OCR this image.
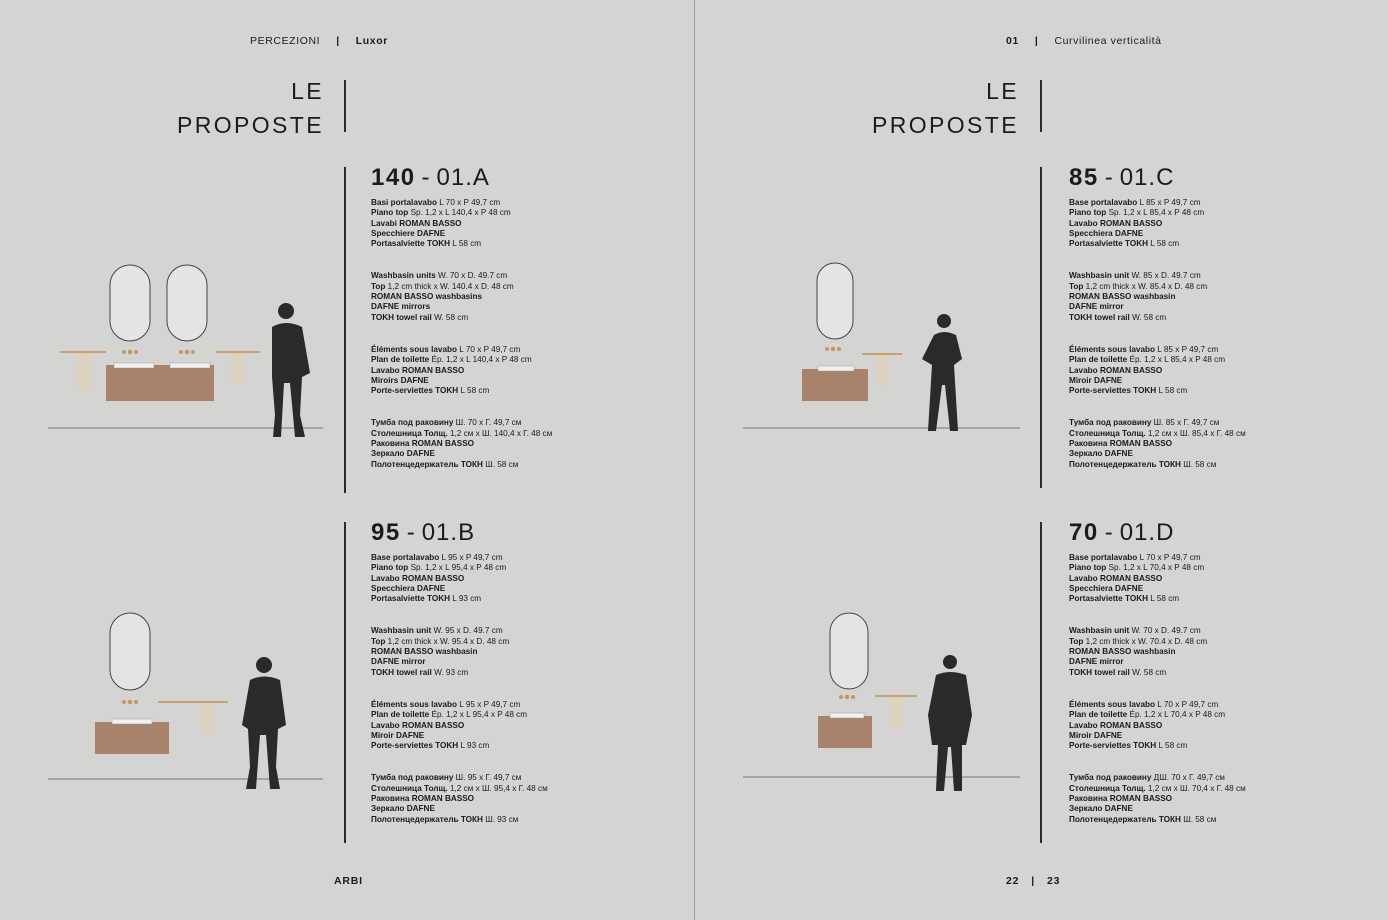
PERCEZIONI | Luxor
LE
PROPOSTE
140 - 01.A
Basi portalavabo L 70 x P 49,7 cm
Piano top Sp. 1,2 x L 140,4 x P 48 cm
Lavabi ROMAN BASSO
Specchiere DAFNE
Portasalviette TOKH L 58 cm
Washbasin units W. 70 x D. 49.7 cm
Top 1,2 cm thick x W. 140.4 x D. 48 cm
ROMAN BASSO washbasins
DAFNE mirrors
TOKH towel rail W. 58 cm
Éléments sous lavabo L 70 x P 49,7 cm
Plan de toilette Ép. 1,2 x L 140,4 x P 48 cm
Lavabo ROMAN BASSO
Miroirs DAFNE
Porte-serviettes TOKH L 58 cm
Тумба под раковину Ш. 70 х Г. 49,7 см
Столешница Толщ. 1,2 см х Ш. 140,4 х Г. 48 см
Раковина ROMAN BASSO
Зеркало DAFNE
Полотенцедержатель ТОКН Ш. 58 см
95 - 01.B
Base portalavabo L 95 x P 49,7 cm
Piano top Sp. 1,2 x L 95,4 x P 48 cm
Lavabo ROMAN BASSO
Specchiera DAFNE
Portasalviette TOKH L 93 cm
Washbasin unit W. 95 x D. 49.7 cm
Top 1,2 cm thick x W. 95.4 x D. 48 cm
ROMAN BASSO washbasin
DAFNE mirror
TOKH towel rail W. 93 cm
Éléments sous lavabo L 95 x P 49,7 cm
Plan de toilette Ép. 1,2 x L 95,4 x P 48 cm
Lavabo ROMAN BASSO
Miroir DAFNE
Porte-serviettes TOKH L 93 cm
Тумба под раковину Ш. 95 х Г. 49,7 см
Столешница Толщ. 1,2 см х Ш. 95,4 х Г. 48 см
Раковина ROMAN BASSO
Зеркало DAFNE
Полотенцедержатель ТОКН Ш. 93 см
ARBI
01 | Curvilinea verticalità
LE
PROPOSTE
85 - 01.C
Base portalavabo L 85 x P 49,7 cm
Piano top Sp. 1,2 x L 85,4 x P 48 cm
Lavabo ROMAN BASSO
Specchiera DAFNE
Portasalviette TOKH L 58 cm
Washbasin unit W. 85 x D. 49.7 cm
Top 1,2 cm thick x W. 85.4 x D. 48 cm
ROMAN BASSO washbasin
DAFNE mirror
TOKH towel rail W. 58 cm
Éléments sous lavabo L 85 x P 49,7 cm
Plan de toilette Ép. 1,2 x L 85,4 x P 48 cm
Lavabo ROMAN BASSO
Miroir DAFNE
Porte-serviettes TOKH L 58 cm
Тумба под раковину Ш. 85 х Г. 49,7 см
Столешница Толщ. 1,2 см х Ш. 85,4 х Г. 48 см
Раковина ROMAN BASSO
Зеркало DAFNE
Полотенцедержатель ТОКН Ш. 58 см
70 - 01.D
Base portalavabo L 70 x P 49,7 cm
Piano top Sp. 1,2 x L 70,4 x P 48 cm
Lavabo ROMAN BASSO
Specchiera DAFNE
Portasalviette TOKH L 58 cm
Washbasin unit W. 70 x D. 49.7 cm
Top 1,2 cm thick x W. 70.4 x D. 48 cm
ROMAN BASSO washbasin
DAFNE mirror
TOKH towel rail W. 58 cm
Éléments sous lavabo L 70 x P 49,7 cm
Plan de toilette Ép. 1,2 x L 70,4 x P 48 cm
Lavabo ROMAN BASSO
Miroir DAFNE
Porte-serviettes TOKH L 58 cm
Тумба под раковину ДШ. 70 х Г. 49,7 см
Столешница Толщ. 1,2 см х Ш. 70,4 х Г. 48 см
Раковина ROMAN BASSO
Зеркало DAFNE
Полотенцедержатель ТОКН Ш. 58 см
22 | 23
